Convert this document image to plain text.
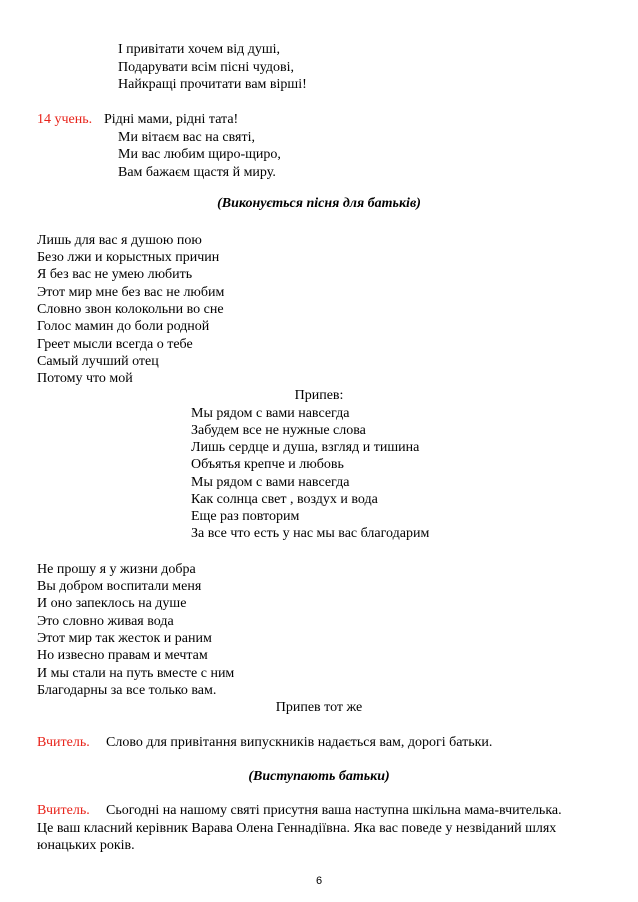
І привітати хочем від душі,
Подарувати всім пісні чудові,
Найкращі прочитати вам вірші!
14 учень. Рідні мами, рідні тата!
Ми вітаєм вас на святі,
Ми вас любим щиро-щиро,
Вам бажаєм щастя й миру.
(Виконується пісня для батьків)
Лишь для вас я душою пою
Безо лжи и корыстных причин
Я без вас не умею любить
Этот мир мне без вас не любим
Словно звон колокольни во сне
Голос мамин до боли родной
Греет мысли всегда о тебе
Самый лучший отец
Потому что мой
Припев:
Мы рядом с вами навсегда
Забудем все не нужные слова
Лишь сердце и душа, взгляд и тишина
Объятья крепче и любовь
Мы рядом с вами навсегда
Как солнца свет , воздух и вода
Еще раз повторим
За все что есть у нас мы вас благодарим
Не прошу я у жизни добра
Вы добром воспитали меня
И оно запеклось на душе
Это словно живая вода
Этот мир так жесток и раним
Но извесно правам и мечтам
И мы стали на путь вместе с ним
Благодарны за все только вам.
Припев тот же
Вчитель. Слово для привітання випускників надається вам, дорогі батьки.
(Виступають батьки)
Вчитель. Сьогодні на нашому святі присутня ваша наступна шкільна мама-вчителька.
Це ваш класний керівник Варава Олена Геннадіївна. Яка вас поведе у незвіданий шлях
юнацьких років.
6
